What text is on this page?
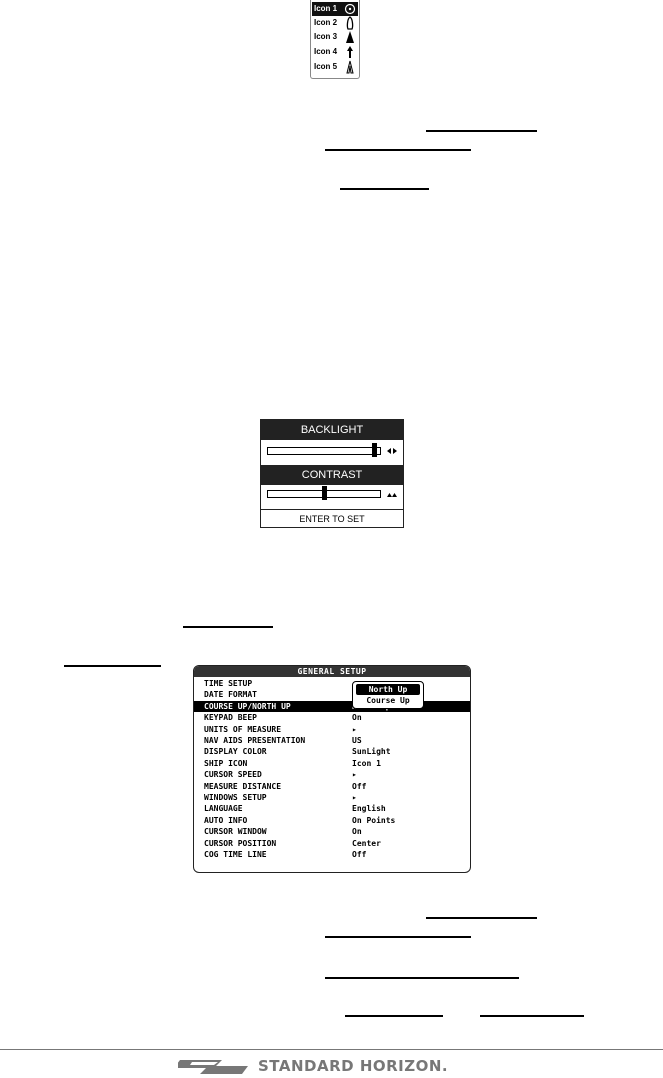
Icon 1
Icon 2
Icon 3
Icon 4
Icon 5
BACKLIGHT
CONTRAST
ENTER TO SET
GENERAL SETUP
TIME SETUP
DATE FORMAT
COURSE UP/NORTH UP
KEYPAD BEEP	On
UNITS OF MEASURE	▸
NAV AIDS PRESENTATION	US
DISPLAY COLOR	SunLight
SHIP ICON	Icon 1
CURSOR SPEED	▸
MEASURE DISTANCE	Off
WINDOWS SETUP	▸
LANGUAGE	English
AUTO INFO	On Points
CURSOR WINDOW	On
CURSOR POSITION	Center
COG TIME LINE	Off
North Up
Course Up
STANDARD HORIZON.
